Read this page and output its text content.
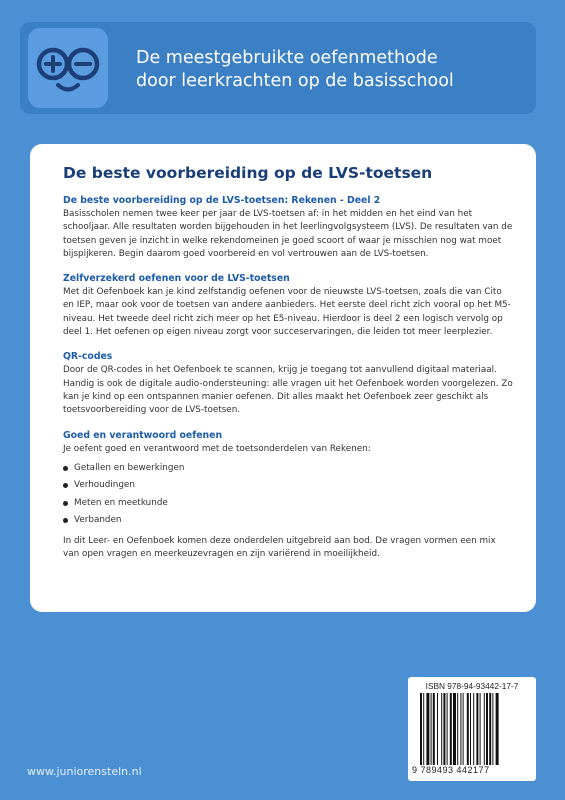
De meestgebruikte oefenmethode
door leerkrachten op de basisschool
De beste voorbereiding op de LVS-toetsen
De beste voorbereiding op de LVS-toetsen: Rekenen - Deel 2
Basisscholen nemen twee keer per jaar de LVS-toetsen af: in het midden en het eind van het schooljaar. Alle resultaten worden bijgehouden in het leerlingvolgsysteem (LVS). De resultaten van de toetsen geven je inzicht in welke rekendomeinen je goed scoort of waar je misschien nog wat moet bijspijkeren. Begin daarom goed voorbereid en vol vertrouwen aan de LVS-toetsen.
Zelfverzekerd oefenen voor de LVS-toetsen
Met dit Oefenboek kan je kind zelfstandig oefenen voor de nieuwste LVS-toetsen, zoals die van Cito en IEP, maar ook voor de toetsen van andere aanbieders. Het eerste deel richt zich vooral op het M5-niveau. Het tweede deel richt zich meer op het E5-niveau. Hierdoor is deel 2 een logisch vervolg op deel 1. Het oefenen op eigen niveau zorgt voor succeservaringen, die leiden tot meer leerplezier.
QR-codes
Door de QR-codes in het Oefenboek te scannen, krijg je toegang tot aanvullend digitaal materiaal. Handig is ook de digitale audio-ondersteuning: alle vragen uit het Oefenboek worden voorgelezen. Zo kan je kind op een ontspannen manier oefenen. Dit alles maakt het Oefenboek zeer geschikt als toetsvoorbereiding voor de LVS-toetsen.
Goed en verantwoord oefenen
Je oefent goed en verantwoord met de toetsonderdelen van Rekenen:
Getallen en bewerkingen
Verhoudingen
Meten en meetkunde
Verbanden
In dit Leer- en Oefenboek komen deze onderdelen uitgebreid aan bod. De vragen vormen een mix van open vragen en meerkeuzevragen en zijn variërend in moeilijkheid.
ISBN 978-94-93442-17-7
9 789493 442177
www.juniorensteln.nl
